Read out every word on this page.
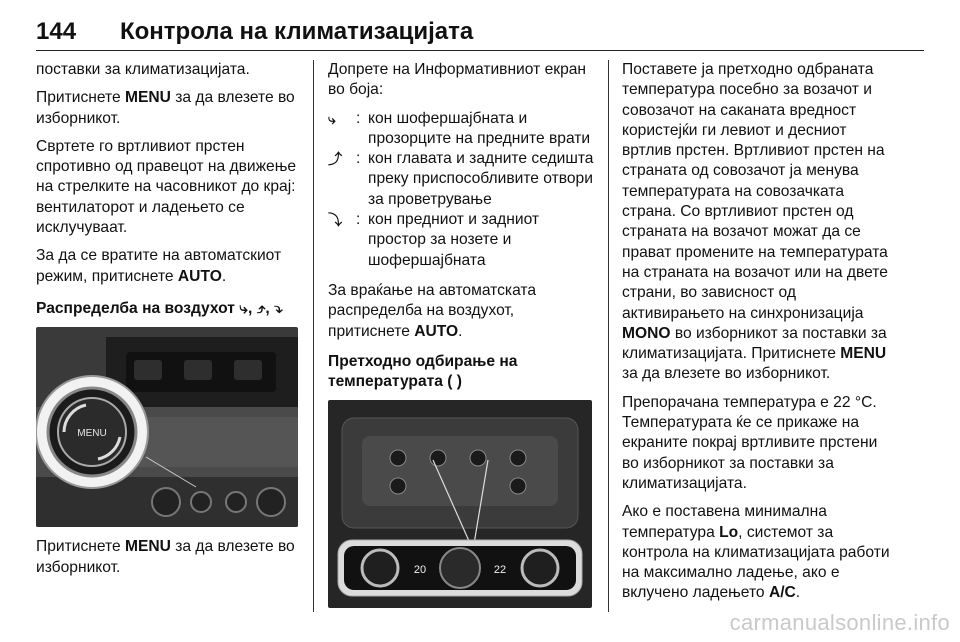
144 Контрола на климатизацијата

поставки за климатизацијата.

Притиснете MENU за да влезете во изборникот.

Свртете го вртливиот прстен спротивно од правецот на движење на стрелките на часовникот до крај: вентилаторот и ладењето се исклучуваат.

За да се вратите на автоматскиот режим, притиснете AUTO.

Распределба на воздухот ⤷, ⤴, ⤵
MENU

Притиснете MENU за да влезете во изборникот.

Допрете на Информативниот екран во бојa:

⤷	: кон шофершајбната и прозорците на предните врати
⤴ : кон главата и задните седишта преку приспособливите отвори за проветрување
⤵ : кон предниот и задниот простор за нозете и шофершајбната

За враќање на автоматската распределба на воздухот, притиснете AUTO.

Претходно одбирање на температурата ( )
20	22

Поставете ја претходно одбраната температура посебно за возачот и совозачот на саканата вредност користејќи ги левиот и десниот вртлив прстен. Вртливиот прстен на страната од совозачот ја менува температурата на совозачката страна. Со вртливиот прстен од страната на возачот можат да се прават промените на температурата на страната на возачот или на двете страни, во зависност од активирањето на синхронизација MONO во изборникот за поставки за климатизацијата. Притиснете MENU за да влезете во изборникот.

Препорачана температура е 22 °C. Температурата ќе се прикаже на екраните покрај вртливите прстени во изборникот за поставки за климатизацијата.

Ако е поставена минимална температура Lo, системот за контрола на климатизацијата работи на максимално ладење, ако е вклучено ладењето A/C.

carmanualsonline.info
